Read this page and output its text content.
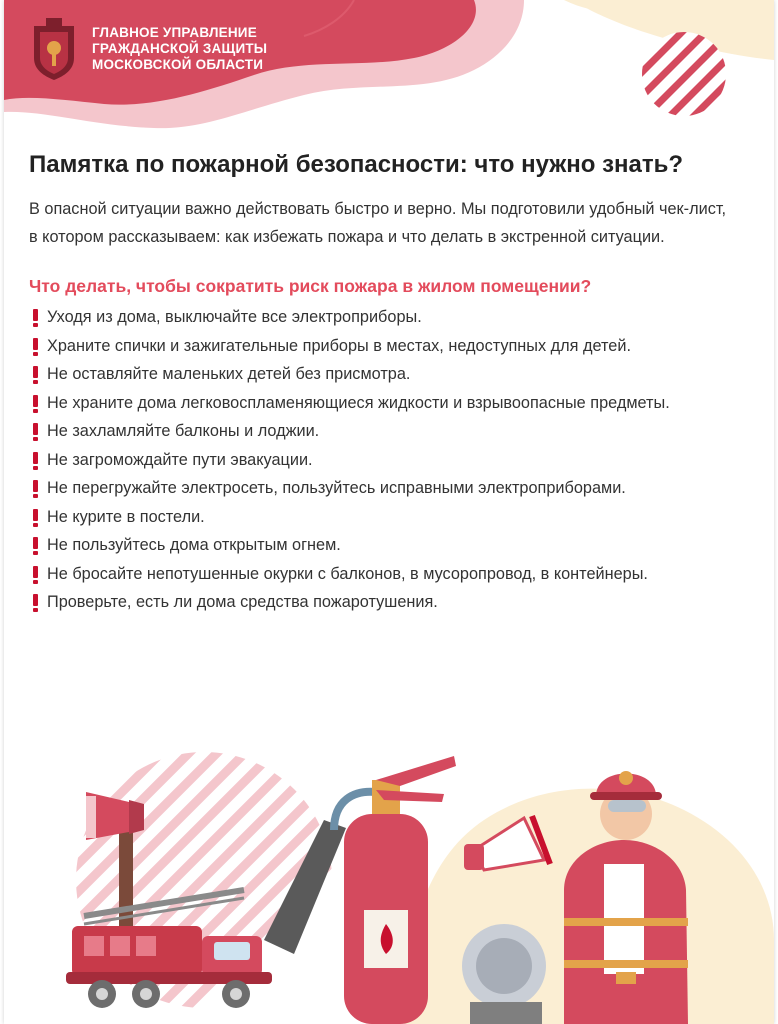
ГЛАВНОЕ УПРАВЛЕНИЕ
ГРАЖДАНСКОЙ ЗАЩИТЫ
МОСКОВСКОЙ ОБЛАСТИ
Памятка по пожарной безопасности: что нужно знать?

В опасной ситуации важно действовать быстро и верно. Мы подготовили удобный чек-лист, в котором рассказываем: как избежать пожара и что делать в экстренной ситуации.

Что делать, чтобы сократить риск пожара в жилом помещении?
Уходя из дома, выключайте все электроприборы.
Храните спички и зажигательные приборы в местах, недоступных для детей.
Не оставляйте маленьких детей без присмотра.
Не храните дома легковоспламеняющиеся жидкости и взрывоопасные предметы.
Не захламляйте балконы и лоджии.
Не загромождайте пути эвакуации.
Не перегружайте электросеть, пользуйтесь исправными электроприборами.
Не курите в постели.
Не пользуйтесь дома открытым огнем.
Не бросайте непотушенные окурки с балконов, в мусоропровод, в контейнеры.
Проверьте, есть ли дома средства пожаротушения.
